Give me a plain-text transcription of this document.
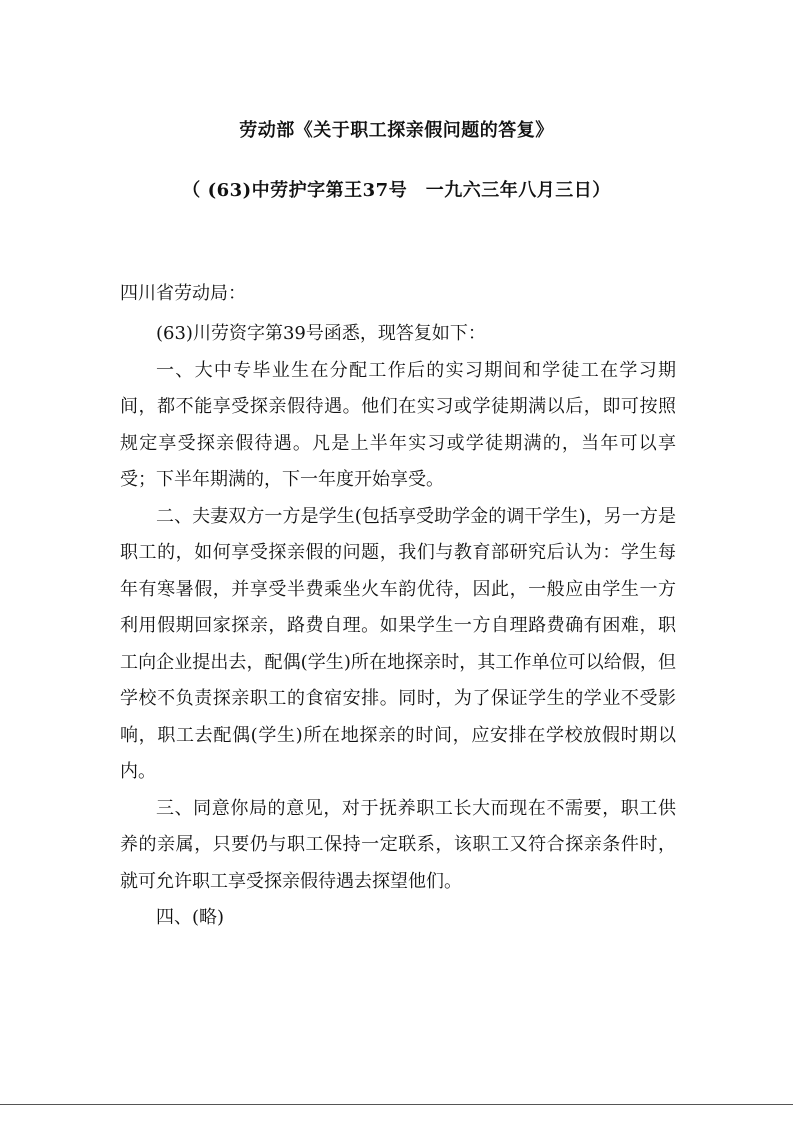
劳动部《关于职工探亲假问题的答复》
（ (63)中劳护字第王37号　一九六三年八月三日）
四川省劳动局：

(63)川劳资字第39号函悉，现答复如下：

一、大中专毕业生在分配工作后的实习期间和学徒工在学习期间，都不能享受探亲假待遇。他们在实习或学徒期满以后，即可按照规定享受探亲假待遇。凡是上半年实习或学徒期满的，当年可以享受；下半年期满的，下一年度开始享受。

二、夫妻双方一方是学生(包括享受助学金的调干学生)，另一方是职工的，如何享受探亲假的问题，我们与教育部研究后认为：学生每年有寒暑假，并享受半费乘坐火车韵优待，因此，一般应由学生一方利用假期回家探亲，路费自理。如果学生一方自理路费确有困难，职工向企业提出去，配偶(学生)所在地探亲时，其工作单位可以给假，但学校不负责探亲职工的食宿安排。同时，为了保证学生的学业不受影响，职工去配偶(学生)所在地探亲的时间，应安排在学校放假时期以内。

三、同意你局的意见，对于抚养职工长大而现在不需要，职工供养的亲属，只要仍与职工保持一定联系，该职工又符合探亲条件时，就可允许职工享受探亲假待遇去探望他们。

四、(略)
